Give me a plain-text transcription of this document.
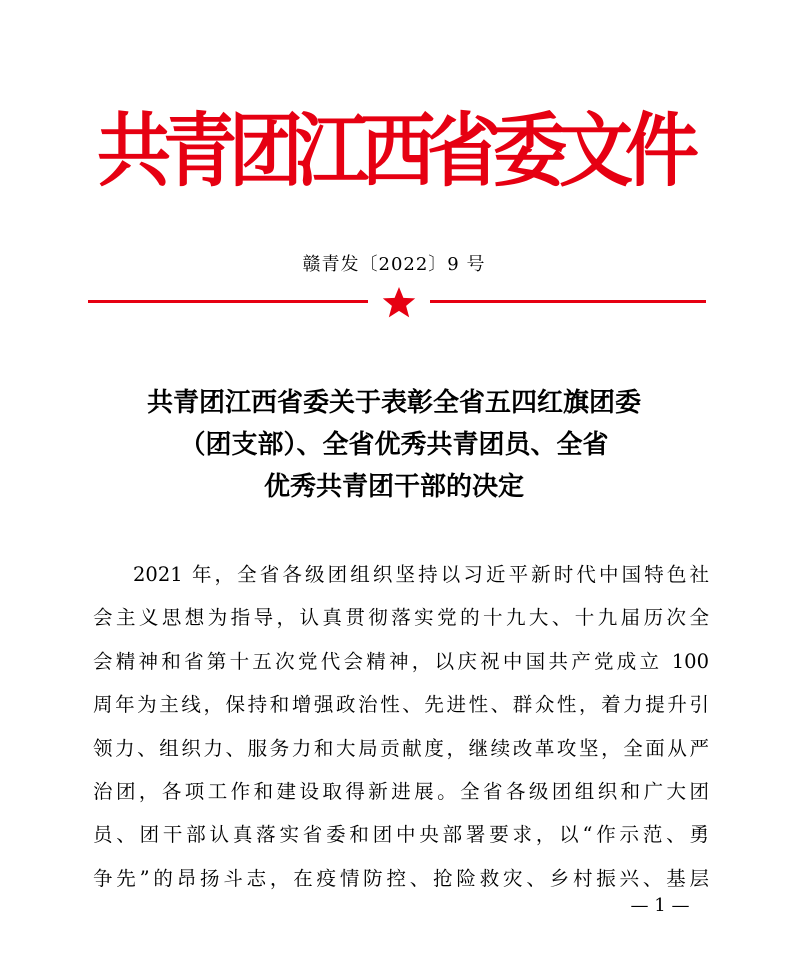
共青团江西省委文件
赣青发〔2022〕9 号
共青团江西省委关于表彰全省五四红旗团委
（团支部）、全省优秀共青团员、全省
优秀共青团干部的决定
2021 年，全省各级团组织坚持以习近平新时代中国特色社
会主义思想为指导，认真贯彻落实党的十九大、十九届历次全
会精神和省第十五次党代会精神，以庆祝中国共产党成立 100
周年为主线，保持和增强政治性、先进性、群众性，着力提升引
领力、组织力、服务力和大局贡献度，继续改革攻坚，全面从严
治团，各项工作和建设取得新进展。全省各级团组织和广大团
员、团干部认真落实省委和团中央部署要求，以“作示范、勇
争先”的昂扬斗志，在疫情防控、抢险救灾、乡村振兴、基层
— 1 —
